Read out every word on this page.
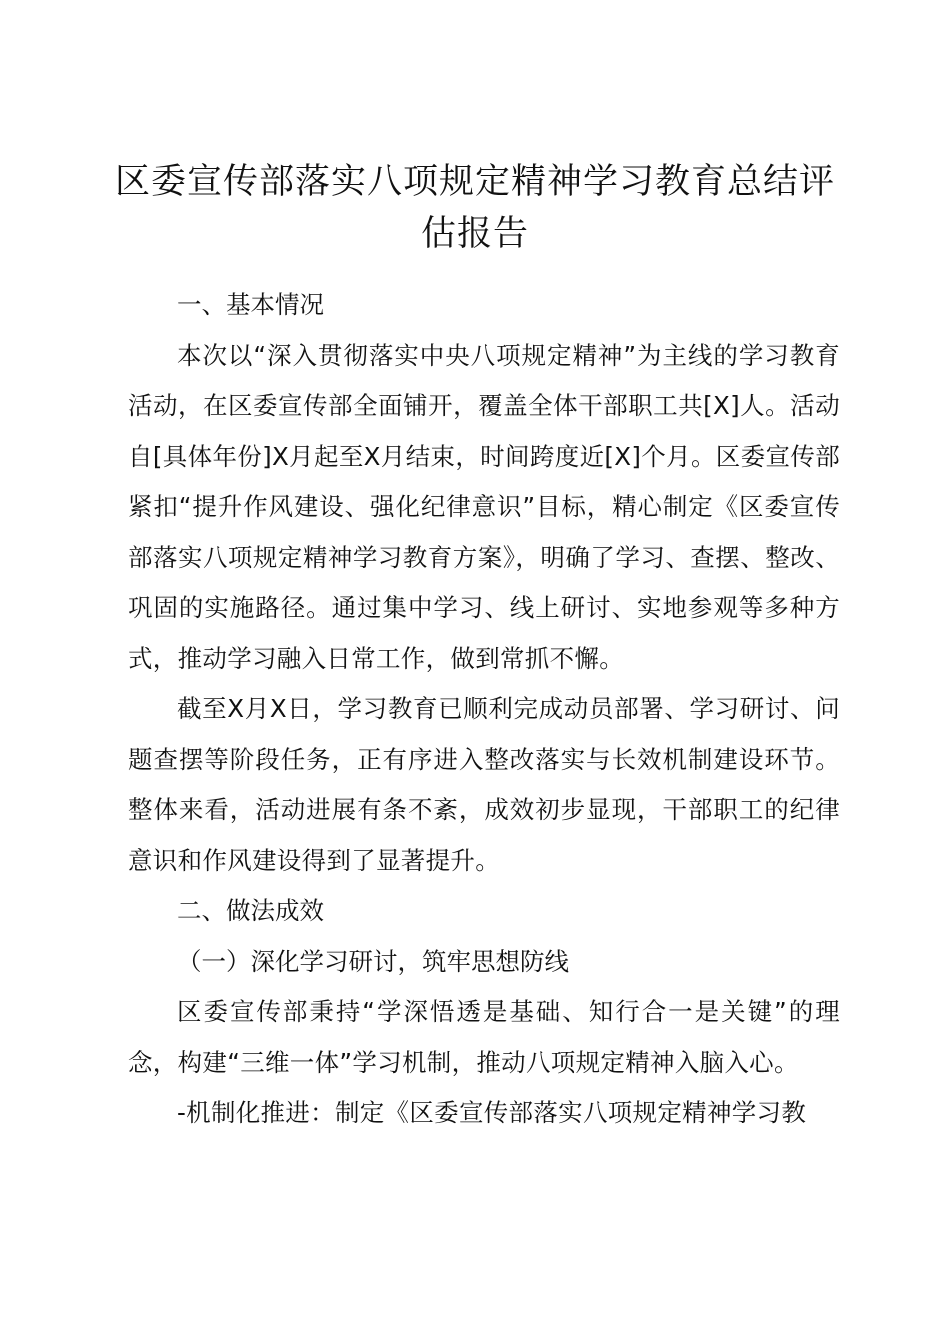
区委宣传部落实八项规定精神学习教育总结评估报告

一、基本情况

本次以“深入贯彻落实中央八项规定精神”为主线的学习教育活动，在区委宣传部全面铺开，覆盖全体干部职工共[X]人。活动自[具体年份]X月起至X月结束，时间跨度近[X]个月。区委宣传部紧扣“提升作风建设、强化纪律意识”目标，精心制定《区委宣传部落实八项规定精神学习教育方案》，明确了学习、查摆、整改、巩固的实施路径。通过集中学习、线上研讨、实地参观等多种方式，推动学习融入日常工作，做到常抓不懈。

截至X月X日，学习教育已顺利完成动员部署、学习研讨、问题查摆等阶段任务，正有序进入整改落实与长效机制建设环节。整体来看，活动进展有条不紊，成效初步显现，干部职工的纪律意识和作风建设得到了显著提升。

二、做法成效

（一）深化学习研讨，筑牢思想防线

区委宣传部秉持“学深悟透是基础、知行合一是关键”的理念，构建“三维一体”学习机制，推动八项规定精神入脑入心。

-机制化推进：制定《区委宣传部落实八项规定精神学习教
